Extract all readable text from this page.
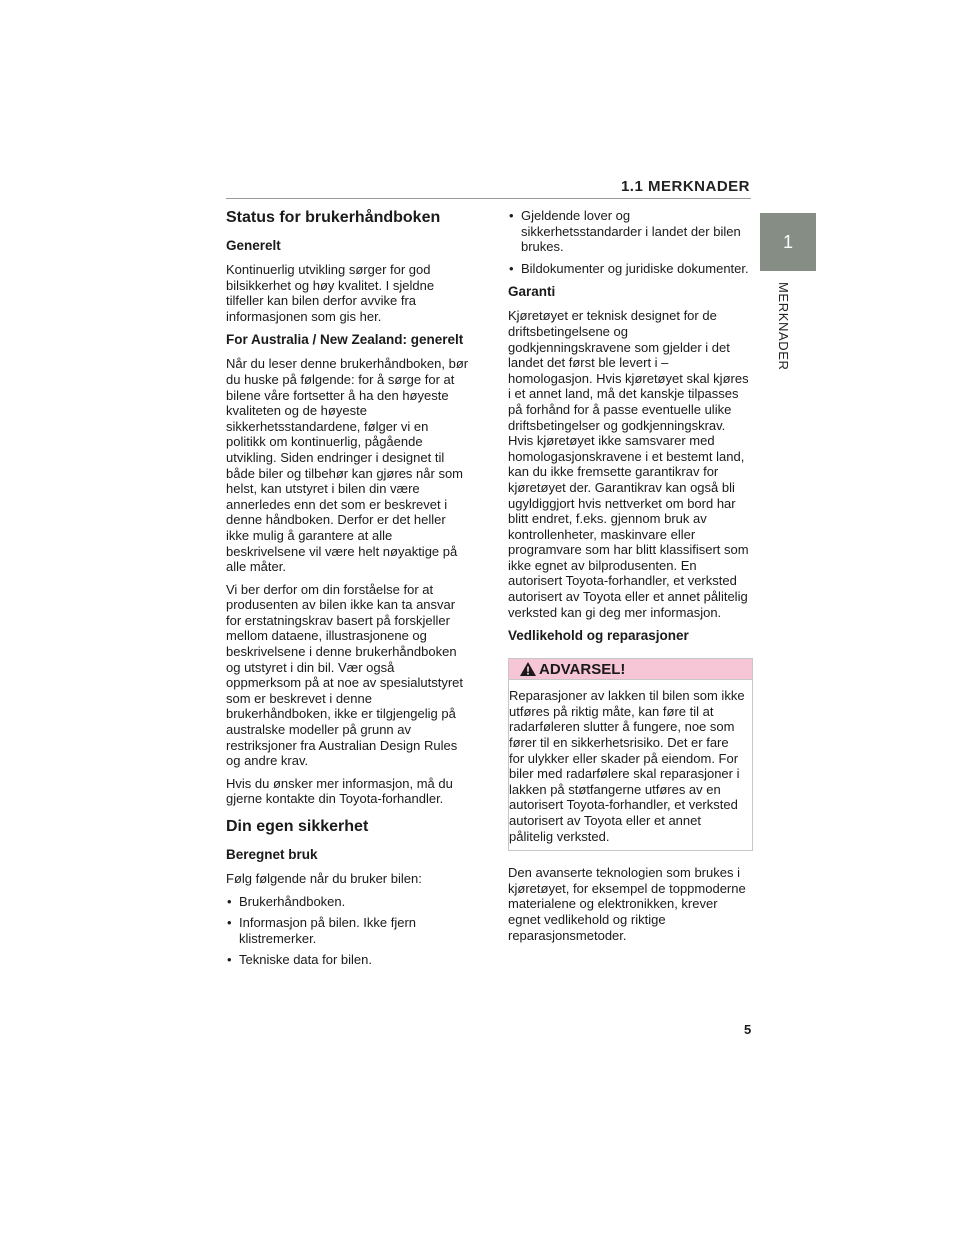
1.1 MERKNADER
1
MERKNADER
Status for brukerhåndboken
Generelt

Kontinuerlig utvikling sørger for god bilsikkerhet og høy kvalitet. I sjeldne tilfeller kan bilen derfor avvike fra informasjonen som gis her.

For Australia / New Zealand: generelt

Når du leser denne brukerhåndboken, bør du huske på følgende: for å sørge for at bilene våre fortsetter å ha den høyeste kvaliteten og de høyeste sikkerhetsstandardene, følger vi en politikk om kontinuerlig, pågående utvikling. Siden endringer i designet til både biler og tilbehør kan gjøres når som helst, kan utstyret i bilen din være annerledes enn det som er beskrevet i denne håndboken. Derfor er det heller ikke mulig å garantere at alle beskrivelsene vil være helt nøyaktige på alle måter.

Vi ber derfor om din forståelse for at produsenten av bilen ikke kan ta ansvar for erstatningskrav basert på forskjeller mellom dataene, illustrasjonene og beskrivelsene i denne brukerhåndboken og utstyret i din bil. Vær også oppmerksom på at noe av spesialutstyret som er beskrevet i denne brukerhåndboken, ikke er tilgjengelig på australske modeller på grunn av restriksjoner fra Australian Design Rules og andre krav.

Hvis du ønsker mer informasjon, må du gjerne kontakte din Toyota-forhandler.

Din egen sikkerhet
Beregnet bruk

Følg følgende når du bruker bilen:

• Brukerhåndboken.
• Informasjon på bilen. Ikke fjern klistremerker.
• Tekniske data for bilen.
• Gjeldende lover og sikkerhetsstandarder i landet der bilen brukes.
• Bildokumenter og juridiske dokumenter.
Garanti

Kjøretøyet er teknisk designet for de driftsbetingelsene og godkjenningskravene som gjelder i det landet det først ble levert i – homologasjon. Hvis kjøretøyet skal kjøres i et annet land, må det kanskje tilpasses på forhånd for å passe eventuelle ulike driftsbetingelser og godkjenningskrav. Hvis kjøretøyet ikke samsvarer med homologasjonskravene i et bestemt land, kan du ikke fremsette garantikrav for kjøretøyet der. Garantikrav kan også bli ugyldiggjort hvis nettverket om bord har blitt endret, f.eks. gjennom bruk av kontrollenheter, maskinvare eller programvare som har blitt klassifisert som ikke egnet av bilprodusenten. En autorisert Toyota-forhandler, et verksted autorisert av Toyota eller et annet pålitelig verksted kan gi deg mer informasjon.

Vedlikehold og reparasjoner
ADVARSEL!
Reparasjoner av lakken til bilen som ikke utføres på riktig måte, kan føre til at radarføleren slutter å fungere, noe som fører til en sikkerhetsrisiko. Det er fare for ulykker eller skader på eiendom. For biler med radarfølere skal reparasjoner i lakken på støtfangerne utføres av en autorisert Toyota-forhandler, et verksted autorisert av Toyota eller et annet pålitelig verksted.

Den avanserte teknologien som brukes i kjøretøyet, for eksempel de toppmoderne materialene og elektronikken, krever egnet vedlikehold og riktige reparasjonsmetoder.

5
